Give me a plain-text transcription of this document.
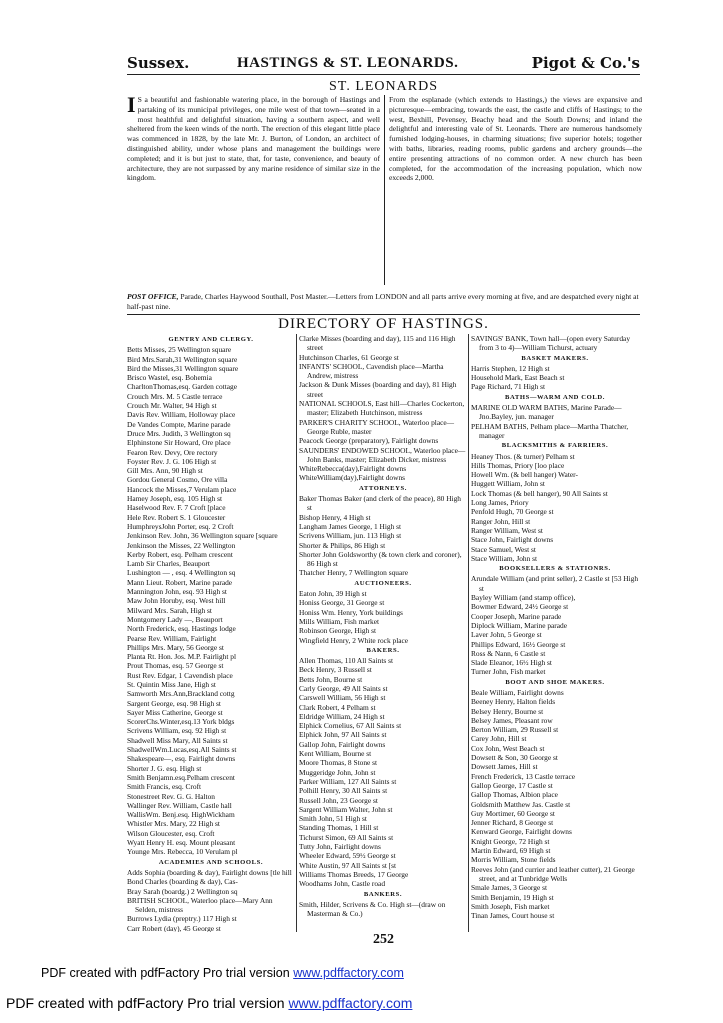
Sussex.	HASTINGS & ST. LEONARDS.	Pigot & Co.'s
ST. LEONARDS
I S a beautiful and fashionable watering place, in the borough of Hastings and partaking of its municipal privileges, one mile west of that town—seated in a most healthful and delightful situation, having a southern aspect, and well sheltered from the keen winds of the north. The erection of this elegant little place was commenced in 1828, by the late Mr. J. Burton, of London, an architect of distinguished ability, under whose plans and management the buildings were completed; and it is but just to state, that, for taste, convenience, and beauty of architecture, they are not surpassed by any marine residence of similar size in the kingdom.
From the esplanade (which extends to Hastings,) the views are expansive and picturesque—embracing, towards the east, the castle and cliffs of Hastings; to the west, Bexhill, Pevensey, Beachy head and the South Downs; and inland the delightful and interesting vale of St. Leonards. There are numerous handsomely furnished lodging-houses, in charming situations; five superior hotels; together with baths, libraries, reading rooms, public gardens and archery grounds—the entire presenting attractions of no common order. A new church has been completed, for the accommodation of the increasing population, which now exceeds 2,000.
POST OFFICE, Parade, Charles Haywood Southall, Post Master.—Letters from LONDON and all parts arrive every morning at five, and are despatched every night at half-past nine.
DIRECTORY OF HASTINGS.
GENTRY AND CLERGY.
Betts Misses, 25 Wellington square
Bird Mrs.Sarah,31 Wellington square
Bird the Misses,31 Wellington square
Brisco Wastel, esq. Bohemia
CharltonThomas,esq. Garden cottage
Crouch Mrs. M. 5 Castle terrace
Crouch Mr. Walter, 94 High st
Davis Rev. William, Holloway place
De Vandes Compte, Marine parade
Druce Mrs. Judith, 3 Wellington sq
Elphinstone Sir Howard, Ore place
Fearon Rev. Devy, Ore rectory
Foyster Rev. J. G. 106 High st
Gill Mrs. Ann, 90 High st
Gordou General Cosmo, Ore villa
Hancock the Misses,7 Verulam place
Hamey Joseph, esq. 105 High st
Haselwood Rev. F. 7 Croft [place
Hele Rev. Robert S. 1 Gloucester
HumphreysJohn Porter, esq. 2 Croft
Jenkinson Rev. John, 36 Wellington square [square
Jenkinson the Misses, 22 Wellington
Kerby Robert, esq. Pelham crescent
Lamb Sir Charles, Beauport
Lushington — , esq. 4 Wellington sq
Mann Lieut. Robert, Marine parade
Mannington John, esq. 93 High st
Maw John Horuby, esq. West hill
Milward Mrs. Sarah, High st
Montgomery Lady —, Beauport
North Frederick, esq. Hastings lodge
Pearse Rev. William, Fairlight
Phillips Mrs. Mary, 56 George st
Planta Rt. Hon. Jos. M.P. Fairlight pl
Prout Thomas, esq. 57 George st
Rust Rev. Edgar, 1 Cavendish place
St. Quintin Miss Jane, High st
Samworth Mrs.Ann,Brackland cottg
Sargent George, esq. 98 High st
Sayer Miss Catherine, George st
ScorerChs.Winter,esq.13 York bldgs
Scrivens William, esq. 92 High st
Shadwell Miss Mary, All Saints st
ShadwellWm.Lucas,esq.All Saints st
Shakespeare—, esq. Fairlight downs
Shorter J. G. esq. High st
Smith Benjamn.esq.Pelham crescent
Smith Francis, esq. Croft
Stonestreet Rev. G. G. Halton
Wallinger Rev. William, Castle hall
WallisWm. Benj.esq. HighWickham
Whistler Mrs. Mary, 22 High st
Wilson Gloucester, esq. Croft
Wyatt Henry H. esq. Mount pleasant
Younge Mrs. Rebecca, 10 Verulam pl
ACADEMIES AND SCHOOLS.
Adds Sophia (boarding & day), Fairlight downs [tle hill
Bond Charles (boarding & day), Cas-
Bray Sarah (boardg.) 2 Wellington sq
BRITISH SCHOOL, Waterloo place—Mary Ann Selden, mistress
Burrows Lydia (preptry.) 117 High st
Carr Robert (day), 45 George st
Clarke Misses (boarding and day), 115 and 116 High street
Hutchinson Charles, 61 George st
INFANTS' SCHOOL, Cavendish place—Martha Andrew, mistress
Jackson & Dunk Misses (boarding and day), 81 High street
NATIONAL SCHOOLS, East hill—Charles Cockerton, master; Elizabeth Hutchinson, mistress
PARKER'S CHARITY SCHOOL, Waterloo place—George Ruble, master
Peacock George (preparatory), Fairlight downs
SAUNDERS' ENDOWED SCHOOL, Waterloo place—John Banks, master; Elizabeth Dicker, mistress
WhiteRebecca(day),Fairlight downs
WhiteWilliam(day),Fairlight downs
ATTORNEYS.
Baker Thomas Baker (and clerk of the peace), 80 High st
Bishop Henry, 4 High st
Langham James George, 1 High st
Scrivens William, jun. 113 High st
Shorter & Philips, 86 High st
Shorter John Goldsworthy (& town clerk and coroner), 86 High st
Thatcher Henry, 7 Wellington square
AUCTIONEERS.
Eaton John, 39 High st
Honiss George, 31 George st
Honiss Wm. Henry, York buildings
Mills William, Fish market
Robinson George, High st
Wingfield Henry, 2 White rock place
BAKERS.
Allen Thomas, 110 All Saints st
Beck Henry, 3 Russell st
Betts John, Bourne st
Carly George, 49 All Saints st
Carswell William, 56 High st
Clark Robert, 4 Pelham st
Eldridge William, 24 High st
Elphick Cornelius, 67 All Saints st
Elphick John, 97 All Saints st
Gallop John, Fairlight downs
Kent William, Bourne st
Moore Thomas, 8 Stone st
Muggeridge John, John st
Parker William, 127 All Saints st
Polhill Henry, 30 All Saints st
Russell John, 23 George st
Sargent William Walter, John st
Smith John, 51 High st
Standing Thomas, 1 Hill st
Tichurst Simon, 69 All Saints st
Tutty John, Fairlight downs
Wheeler Edward, 59½ George st
White Austin, 97 All Saints st [st
Williams Thomas Breeds, 17 George
Woodhams John, Castle road
BANKERS.
Smith, Hilder, Scrivens & Co. High st—(draw on Masterman & Co.)
SAVINGS' BANK, Town hall—(open every Saturday from 3 to 4)—William Tichurst, actuary
BASKET MAKERS.
Harris Stephen, 12 High st
Household Mark, East Beach st
Page Richard, 71 High st
BATHS—WARM AND COLD.
MARINE OLD WARM BATHS, Marine Parade—Jno.Bayley, jun. manager
PELHAM BATHS, Pelham place—Martha Thatcher, manager
BLACKSMITHS & FARRIERS.
Heaney Thos. (& turner) Pelham st
Hills Thomas, Priory [loo place
Howell Wm. (& bell hanger) Water-
Huggett William, John st
Lock Thomas (& bell hanger), 90 All Saints st
Long James, Priory
Penfold Hugh, 70 George st
Ranger John, Hill st
Ranger William, West st
Stace John, Fairlight downs
Stace Samuel, West st
Stace William, John st
BOOKSELLERS & STATIONRS.
Arundale William (and print seller), 2 Castle st [53 High st
Bayley William (and stamp office),
Bowmer Edward, 24½ George st
Cooper Joseph, Marine parade
Diplock William, Marine parade
Laver John, 5 George st
Phillips Edward, 16½ George st
Ross & Nann, 6 Castle st
Slade Eleanor, 16½ High st
Turner John, Fish market
BOOT AND SHOE MAKERS.
Beale William, Fairlight downs
Beeney Henry, Halton fields
Belsey Henry, Bourne st
Belsey James, Pleasant row
Berton William, 29 Russell st
Carey John, Hill st
Cox John, West Beach st
Dowsett & Son, 30 George st
Dowsett James, Hill st
French Frederick, 13 Castle terrace
Gallop George, 17 Castle st
Gallop Thomas, Albion place
Goldsmith Matthew Jas. Castle st
Guy Mortimer, 60 George st
Jenner Richard, 8 George st
Kenward George, Fairlight downs
Knight George, 72 High st
Martin Edward, 69 High st
Morris William, Stone fields
Reeves John (and currier and leather cutter), 21 George street, and at Tunbridge Wells
Smale James, 3 George st
Smith Benjamin, 19 High st
Smith Joseph, Fish market
Tinan James, Court house st
252
PDF created with pdfFactory Pro trial version www.pdffactory.com
PDF created with pdfFactory Pro trial version www.pdffactory.com
